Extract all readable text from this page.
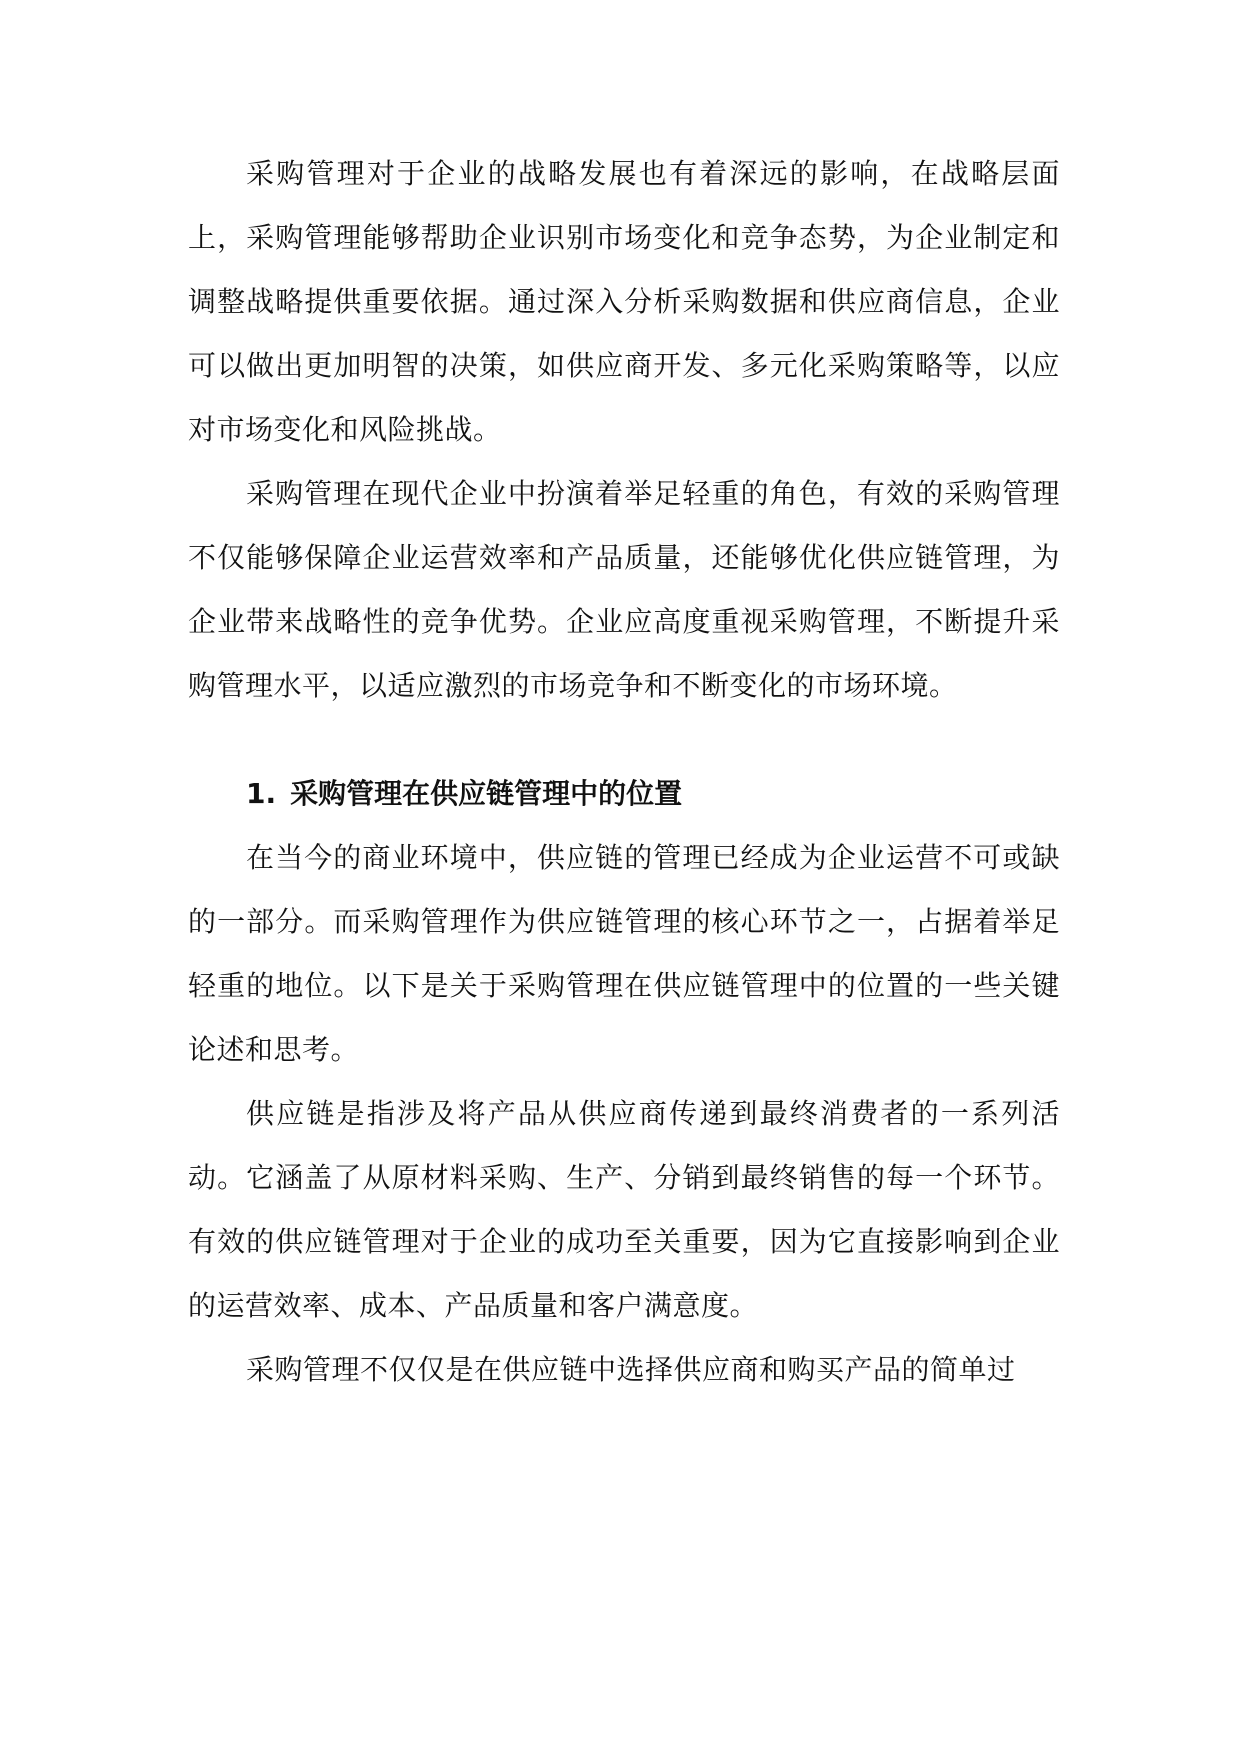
采购管理对于企业的战略发展也有着深远的影响，在战略层面上，采购管理能够帮助企业识别市场变化和竞争态势，为企业制定和调整战略提供重要依据。通过深入分析采购数据和供应商信息，企业可以做出更加明智的决策，如供应商开发、多元化采购策略等，以应对市场变化和风险挑战。

采购管理在现代企业中扮演着举足轻重的角色，有效的采购管理不仅能够保障企业运营效率和产品质量，还能够优化供应链管理，为企业带来战略性的竞争优势。企业应高度重视采购管理，不断提升采购管理水平，以适应激烈的市场竞争和不断变化的市场环境。

1. 采购管理在供应链管理中的位置

在当今的商业环境中，供应链的管理已经成为企业运营不可或缺的一部分。而采购管理作为供应链管理的核心环节之一，占据着举足轻重的地位。以下是关于采购管理在供应链管理中的位置的一些关键论述和思考。

供应链是指涉及将产品从供应商传递到最终消费者的一系列活动。它涵盖了从原材料采购、生产、分销到最终销售的每一个环节。有效的供应链管理对于企业的成功至关重要，因为它直接影响到企业的运营效率、成本、产品质量和客户满意度。

采购管理不仅仅是在供应链中选择供应商和购买产品的简单过
